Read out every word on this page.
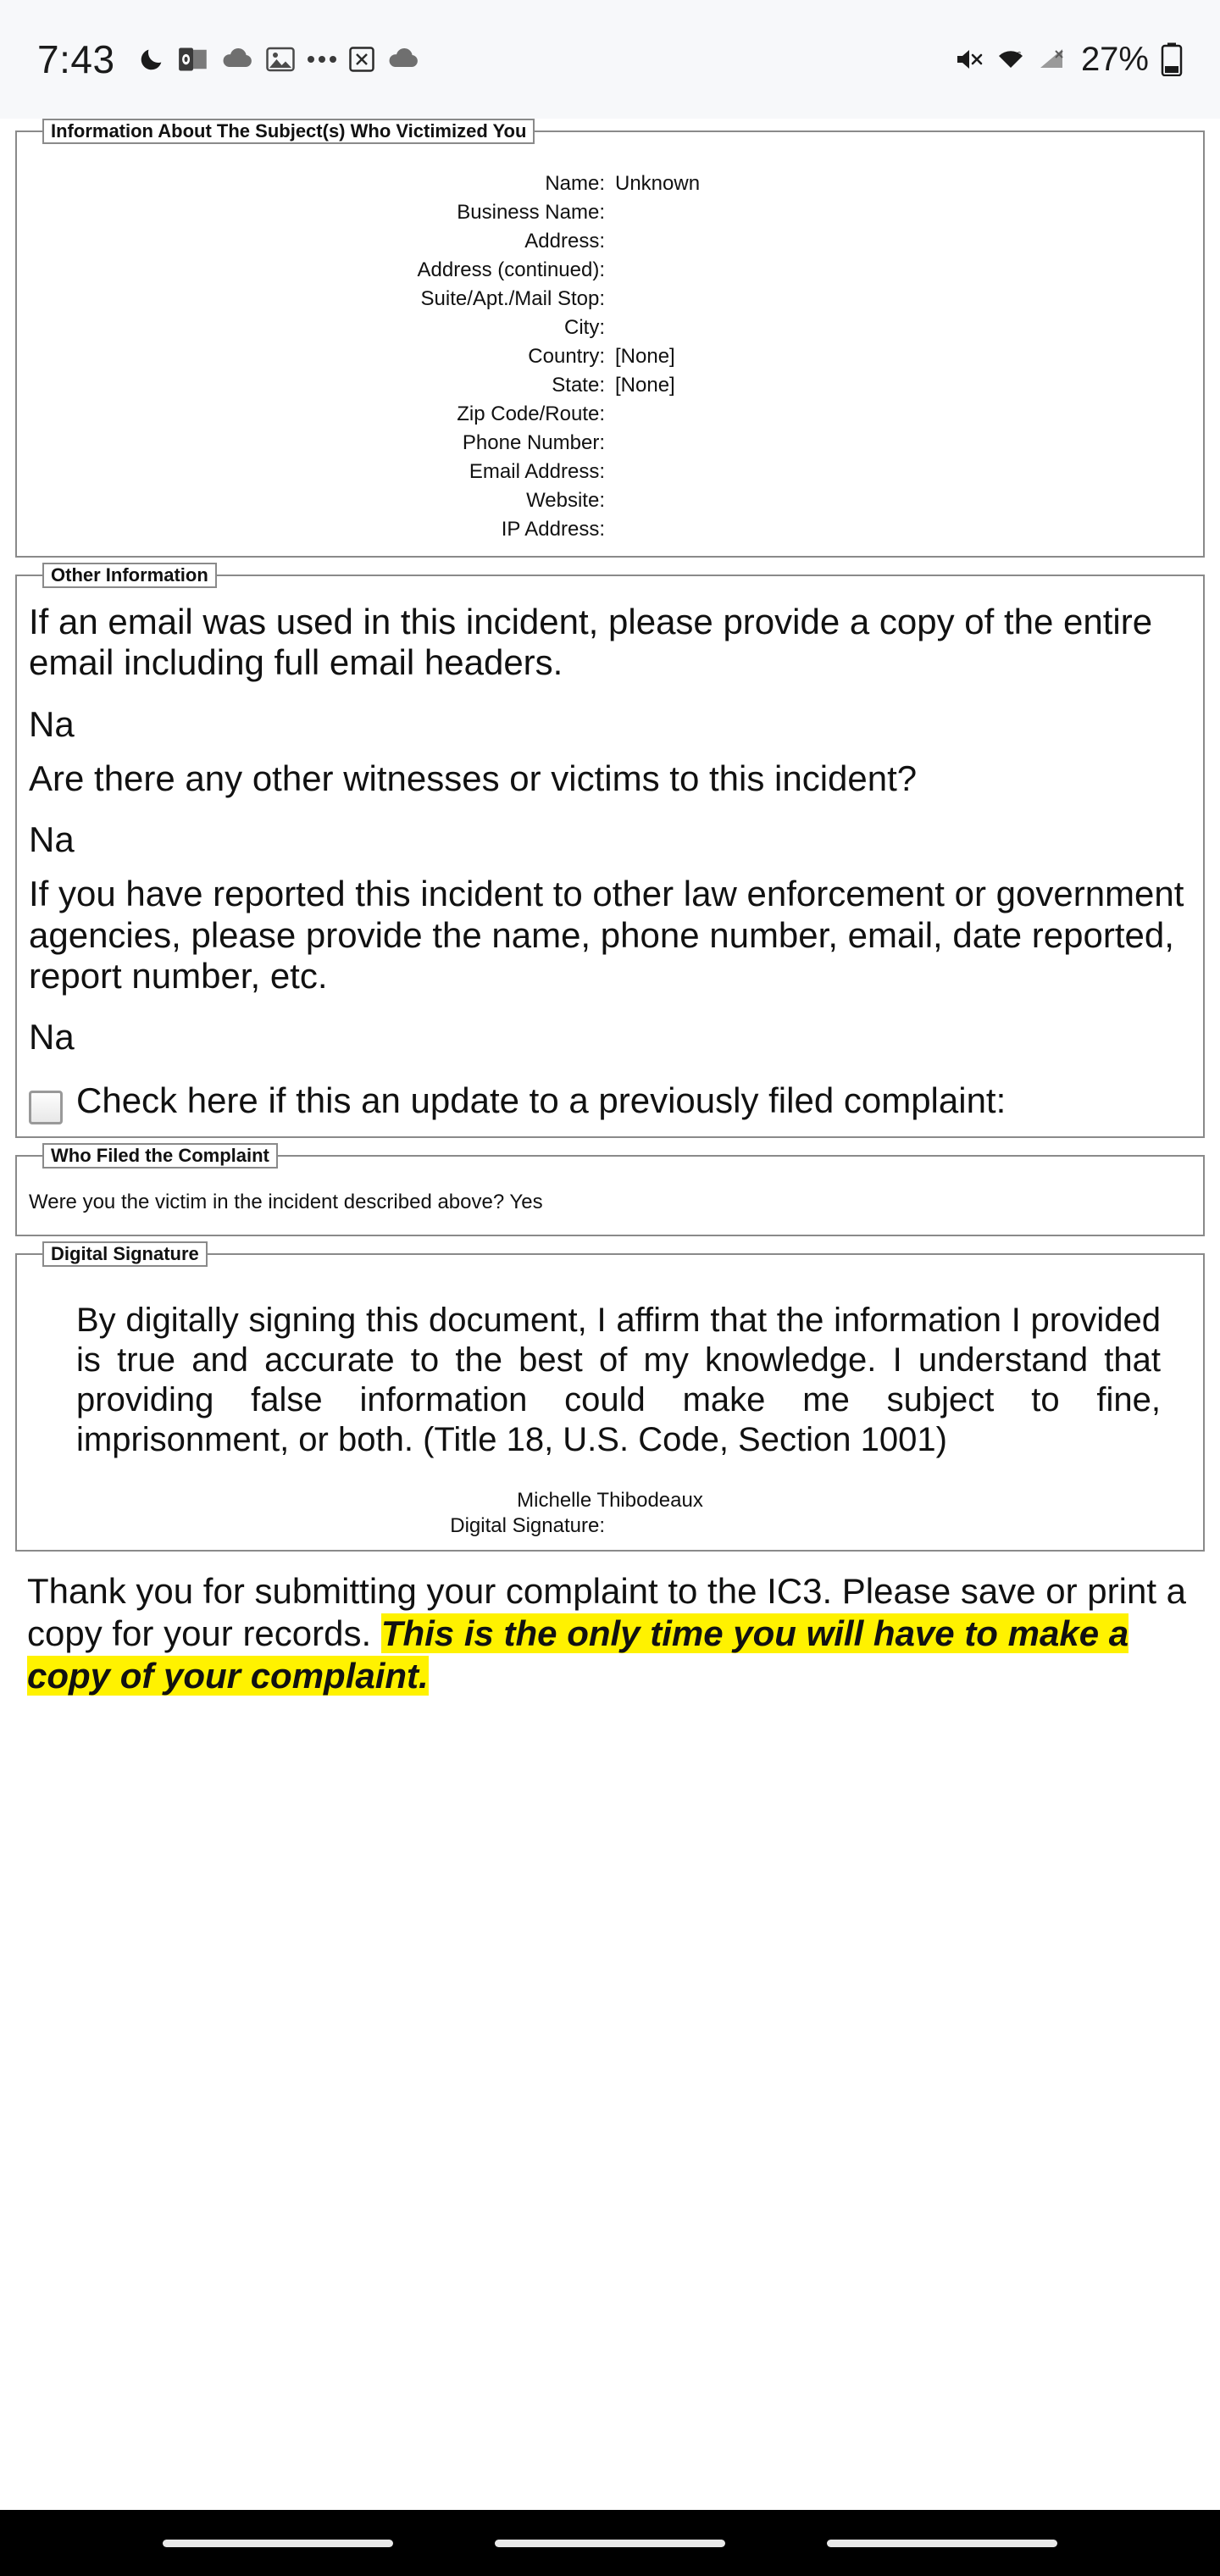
7:43	6 27%
Information About The Subject(s) Who Victimized You
Name:	Unknown
Business Name:	
Address:	
Address (continued):	
Suite/Apt./Mail Stop:	
City:	
Country:	[None]
State:	[None]
Zip Code/Route:	
Phone Number:	
Email Address:	
Website:	
IP Address:	
Other Information

If an email was used in this incident, please provide a copy of the entire email including full email headers.

Na

Are there any other witnesses or victims to this incident?

Na

If you have reported this incident to other law enforcement or government agencies, please provide the name, phone number, email, date reported, report number, etc.

Na

Check here if this an update to a previously filed complaint:
Who Filed the Complaint
Were you the victim in the incident described above? Yes
Digital Signature

By digitally signing this document, I affirm that the information I provided is true and accurate to the best of my knowledge. I understand that providing false information could make me subject to fine, imprisonment, or both. (Title 18, U.S. Code, Section 1001)

Michelle Thibodeaux
Digital Signature:
Thank you for submitting your complaint to the IC3. Please save or print a copy for your records. This is the only time you will have to make a copy of your complaint.
